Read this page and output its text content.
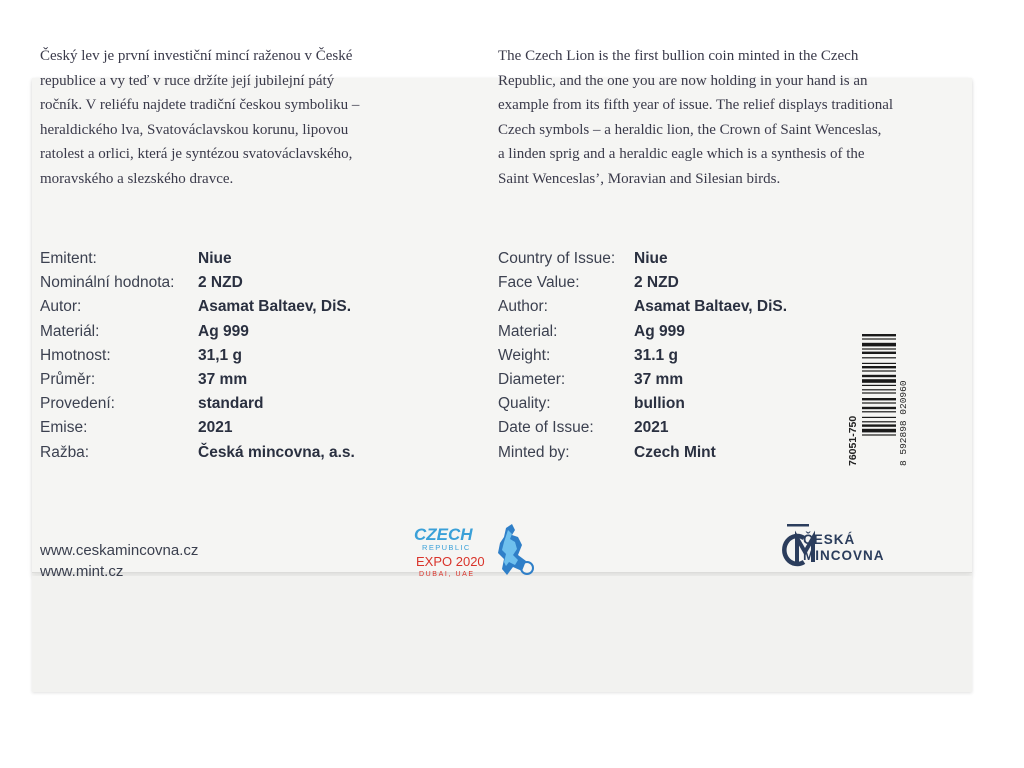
Český lev je první investiční mincí raženou v České
republice a vy teď v ruce držíte její jubilejní pátý
ročník. V reliéfu najdete tradiční českou symboliku –
heraldického lva, Svatováclavskou korunu, lipovou
ratolest a orlici, která je syntézou svatováclavského,
moravského a slezského dravce.
The Czech Lion is the first bullion coin minted in the Czech
Republic, and the one you are now holding in your hand is an
example from its fifth year of issue. The relief displays traditional
Czech symbols – a heraldic lion, the Crown of Saint Wenceslas,
a linden sprig and a heraldic eagle which is a synthesis of the
Saint Wenceslas’, Moravian and Silesian birds.
Emitent:	Niue
Nominální hodnota: 2 NZD
Autor:	Asamat Baltaev, DiS.
Materiál:	Ag 999
Hmotnost:	31,1 g
Průměr:	37 mm
Provedení:	standard
Emise:	2021
Ražba:	Česká mincovna, a.s.
Country of Issue: Niue
Face Value:	2 NZD
Author:	Asamat Baltaev, DiS.
Material:	Ag 999
Weight:	31.1 g
Diameter:	37 mm
Quality:	bullion
Date of Issue:	2021
Minted by:	Czech Mint	76051-750	8 592898 020960
www.ceskamincovna.cz
www.mint.cz
CZECH
REPUBLIC
EXPO 2020
DUBAI, UAE
ČESKÁ
MINCOVNA
